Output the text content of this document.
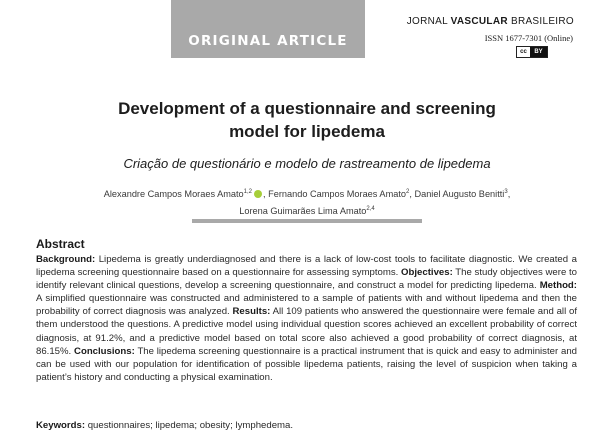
ORIGINAL ARTICLE
JORNAL VASCULAR BRASILEIRO
ISSN 1677-7301 (Online)
cc	BY
Development of a questionnaire and screening
model for lipedema
Criação de questionário e modelo de rastreamento de lipedema
Alexandre Campos Moraes Amato$^{1,2}$ , Fernando Campos Moraes Amato$^2$, Daniel Augusto Benitti$^3$,
Lorena Guimarães Lima Amato$^{2,4}$
Abstract
Background: Lipedema is greatly underdiagnosed and there is a lack of low-cost tools to facilitate diagnostic. We created a lipedema screening questionnaire based on a questionnaire for assessing symptoms. Objectives: The study objectives were to identify relevant clinical questions, develop a screening questionnaire, and construct a model for predicting lipedema. Method: A simplified questionnaire was constructed and administered to a sample of patients with and without lipedema and then the probability of correct diagnosis was analyzed. Results: All 109 patients who answered the questionnaire were female and all of them understood the questions. A predictive model using individual question scores achieved an excellent probability of correct diagnosis, at 91.2%, and a predictive model based on total score also achieved a good probability of correct diagnosis, at 86.15%. Conclusions: The lipedema screening questionnaire is a practical instrument that is quick and easy to administer and can be used with our population for identification of possible lipedema patients, raising the level of suspicion when taking a patient’s history and conducting a physical examination.
Keywords: questionnaires; lipedema; obesity; lymphedema.
